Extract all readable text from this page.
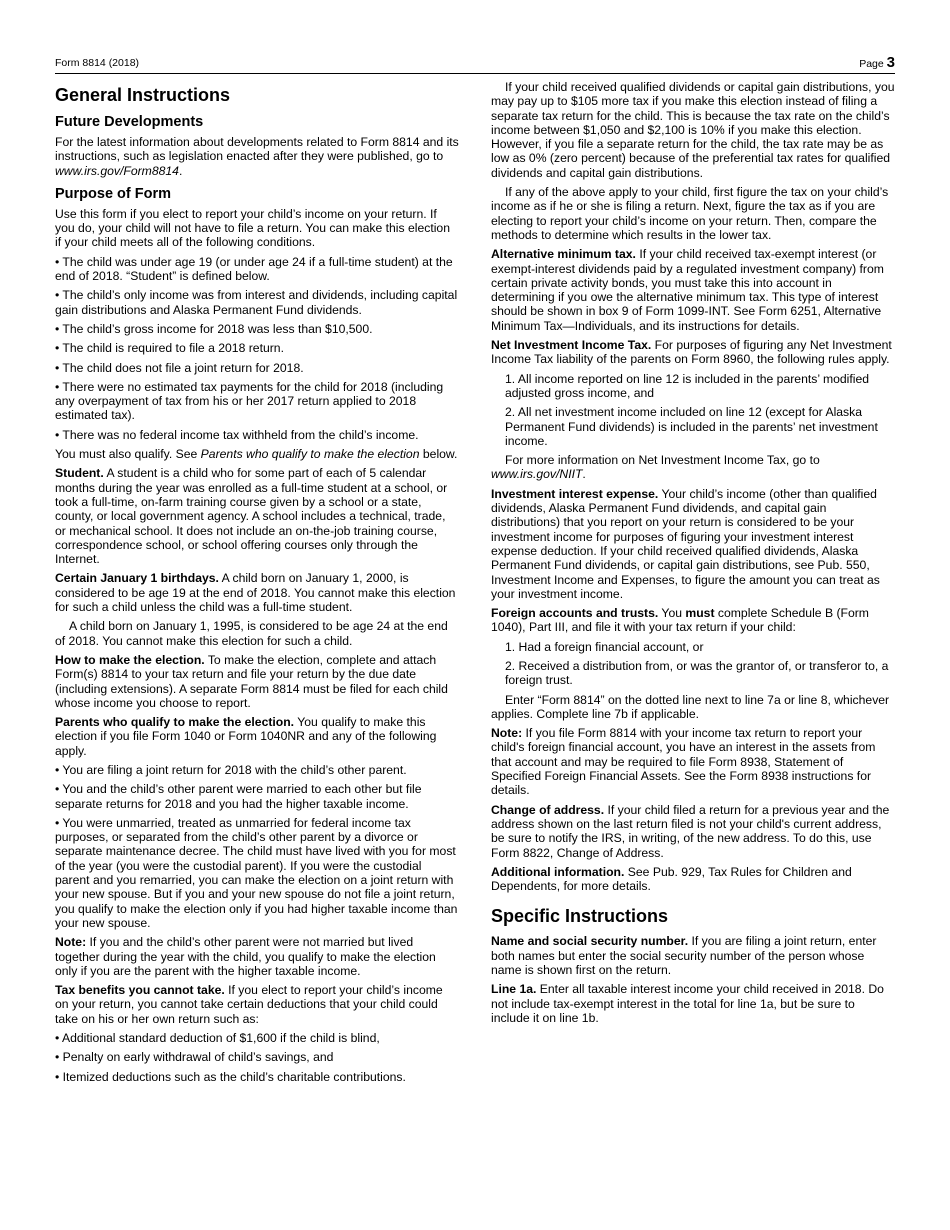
Form 8814 (2018)	Page 3
General Instructions
Future Developments

For the latest information about developments related to Form 8814 and its instructions, such as legislation enacted after they were published, go to www.irs.gov/Form8814.

Purpose of Form

Use this form if you elect to report your child’s income on your return. If you do, your child will not have to file a return. You can make this election if your child meets all of the following conditions.

• The child was under age 19 (or under age 24 if a full-time student) at the end of 2018. “Student” is defined below.

• The child’s only income was from interest and dividends, including capital gain distributions and Alaska Permanent Fund dividends.

• The child’s gross income for 2018 was less than $10,500.

• The child is required to file a 2018 return.

• The child does not file a joint return for 2018.

• There were no estimated tax payments for the child for 2018 (including any overpayment of tax from his or her 2017 return applied to 2018 estimated tax).

• There was no federal income tax withheld from the child’s income.

You must also qualify. See Parents who qualify to make the election below.

Student. A student is a child who for some part of each of 5 calendar months during the year was enrolled as a full-time student at a school, or took a full-time, on-farm training course given by a school or a state, county, or local government agency. A school includes a technical, trade, or mechanical school. It does not include an on-the-job training course, correspondence school, or school offering courses only through the Internet.

Certain January 1 birthdays. A child born on January 1, 2000, is considered to be age 19 at the end of 2018. You cannot make this election for such a child unless the child was a full-time student.

A child born on January 1, 1995, is considered to be age 24 at the end of 2018. You cannot make this election for such a child.

How to make the election. To make the election, complete and attach Form(s) 8814 to your tax return and file your return by the due date (including extensions). A separate Form 8814 must be filed for each child whose income you choose to report.

Parents who qualify to make the election. You qualify to make this election if you file Form 1040 or Form 1040NR and any of the following apply.

• You are filing a joint return for 2018 with the child’s other parent.

• You and the child’s other parent were married to each other but file separate returns for 2018 and you had the higher taxable income.

• You were unmarried, treated as unmarried for federal income tax purposes, or separated from the child’s other parent by a divorce or separate maintenance decree. The child must have lived with you for most of the year (you were the custodial parent). If you were the custodial parent and you remarried, you can make the election on a joint return with your new spouse. But if you and your new spouse do not file a joint return, you qualify to make the election only if you had higher taxable income than your new spouse.

Note: If you and the child’s other parent were not married but lived together during the year with the child, you qualify to make the election only if you are the parent with the higher taxable income.

Tax benefits you cannot take. If you elect to report your child’s income on your return, you cannot take certain deductions that your child could take on his or her own return such as:

• Additional standard deduction of $1,600 if the child is blind,

• Penalty on early withdrawal of child’s savings, and

• Itemized deductions such as the child’s charitable contributions.

If your child received qualified dividends or capital gain distributions, you may pay up to $105 more tax if you make this election instead of filing a separate tax return for the child. This is because the tax rate on the child’s income between $1,050 and $2,100 is 10% if you make this election. However, if you file a separate return for the child, the tax rate may be as low as 0% (zero percent) because of the preferential tax rates for qualified dividends and capital gain distributions.

If any of the above apply to your child, first figure the tax on your child’s income as if he or she is filing a return. Next, figure the tax as if you are electing to report your child’s income on your return. Then, compare the methods to determine which results in the lower tax.

Alternative minimum tax. If your child received tax-exempt interest (or exempt-interest dividends paid by a regulated investment company) from certain private activity bonds, you must take this into account in determining if you owe the alternative minimum tax. This type of interest should be shown in box 9 of Form 1099-INT. See Form 6251, Alternative Minimum Tax—Individuals, and its instructions for details.

Net Investment Income Tax. For purposes of figuring any Net Investment Income Tax liability of the parents on Form 8960, the following rules apply.

1. All income reported on line 12 is included in the parents’ modified adjusted gross income, and

2. All net investment income included on line 12 (except for Alaska Permanent Fund dividends) is included in the parents’ net investment income.

For more information on Net Investment Income Tax, go to www.irs.gov/NIIT.

Investment interest expense. Your child’s income (other than qualified dividends, Alaska Permanent Fund dividends, and capital gain distributions) that you report on your return is considered to be your investment income for purposes of figuring your investment interest expense deduction. If your child received qualified dividends, Alaska Permanent Fund dividends, or capital gain distributions, see Pub. 550, Investment Income and Expenses, to figure the amount you can treat as your investment income.

Foreign accounts and trusts. You must complete Schedule B (Form 1040), Part III, and file it with your tax return if your child:

1. Had a foreign financial account, or

2. Received a distribution from, or was the grantor of, or transferor to, a foreign trust.

Enter “Form 8814” on the dotted line next to line 7a or line 8, whichever applies. Complete line 7b if applicable.

Note: If you file Form 8814 with your income tax return to report your child's foreign financial account, you have an interest in the assets from that account and may be required to file Form 8938, Statement of Specified Foreign Financial Assets. See the Form 8938 instructions for details.

Change of address. If your child filed a return for a previous year and the address shown on the last return filed is not your child's current address, be sure to notify the IRS, in writing, of the new address. To do this, use Form 8822, Change of Address.

Additional information. See Pub. 929, Tax Rules for Children and Dependents, for more details.

Specific Instructions

Name and social security number. If you are filing a joint return, enter both names but enter the social security number of the person whose name is shown first on the return.

Line 1a. Enter all taxable interest income your child received in 2018. Do not include tax-exempt interest in the total for line 1a, but be sure to include it on line 1b.
